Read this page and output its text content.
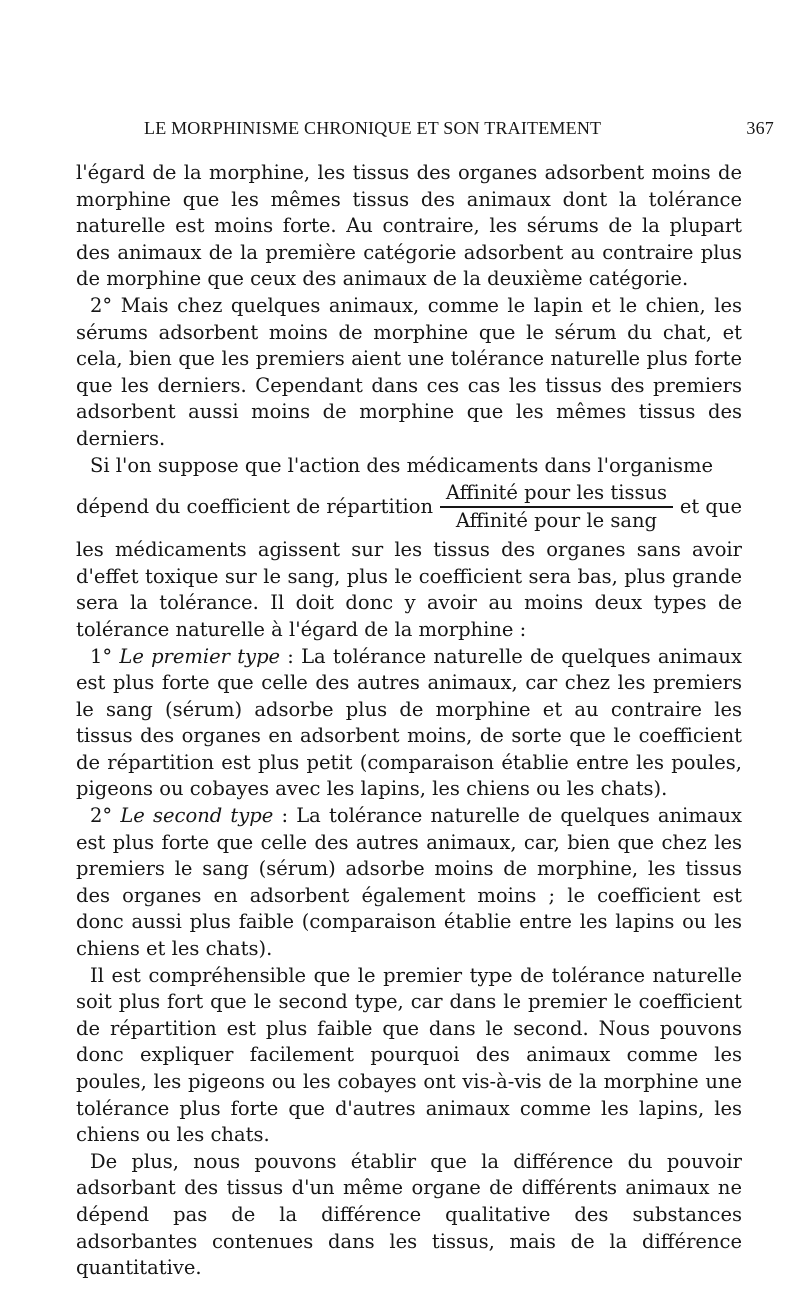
LE MORPHINISME CHRONIQUE ET SON TRAITEMENT	367

l'égard de la morphine, les tissus des organes adsorbent moins de morphine que les mêmes tissus des animaux dont la tolérance naturelle est moins forte. Au contraire, les sérums de la plupart des animaux de la première catégorie adsorbent au contraire plus de morphine que ceux des animaux de la deuxième catégorie.

2° Mais chez quelques animaux, comme le lapin et le chien, les sérums adsorbent moins de morphine que le sérum du chat, et cela, bien que les premiers aient une tolérance naturelle plus forte que les derniers. Cependant dans ces cas les tissus des premiers adsorbent aussi moins de morphine que les mêmes tissus des derniers.

Si l'on suppose que l'action des médicaments dans l'organisme

dépend du coefficient de répartition $\frac{\text{Affinité pour les tissus}}{\text{Affinité pour le sang}}$ et que

les médicaments agissent sur les tissus des organes sans avoir d'effet toxique sur le sang, plus le coefficient sera bas, plus grande sera la tolérance. Il doit donc y avoir au moins deux types de tolérance naturelle à l'égard de la morphine :

1° Le premier type : La tolérance naturelle de quelques animaux est plus forte que celle des autres animaux, car chez les premiers le sang (sérum) adsorbe plus de morphine et au contraire les tissus des organes en adsorbent moins, de sorte que le coefficient de répartition est plus petit (comparaison établie entre les poules, pigeons ou cobayes avec les lapins, les chiens ou les chats).

2° Le second type : La tolérance naturelle de quelques animaux est plus forte que celle des autres animaux, car, bien que chez les premiers le sang (sérum) adsorbe moins de morphine, les tissus des organes en adsorbent également moins ; le coefficient est donc aussi plus faible (comparaison établie entre les lapins ou les chiens et les chats).

Il est compréhensible que le premier type de tolérance naturelle soit plus fort que le second type, car dans le premier le coefficient de répartition est plus faible que dans le second. Nous pouvons donc expliquer facilement pourquoi des animaux comme les poules, les pigeons ou les cobayes ont vis-à-vis de la morphine une tolérance plus forte que d'autres animaux comme les lapins, les chiens ou les chats.

De plus, nous pouvons établir que la différence du pouvoir adsorbant des tissus d'un même organe de différents animaux ne dépend pas de la différence qualitative des substances adsorbantes contenues dans les tissus, mais de la différence quantitative.
